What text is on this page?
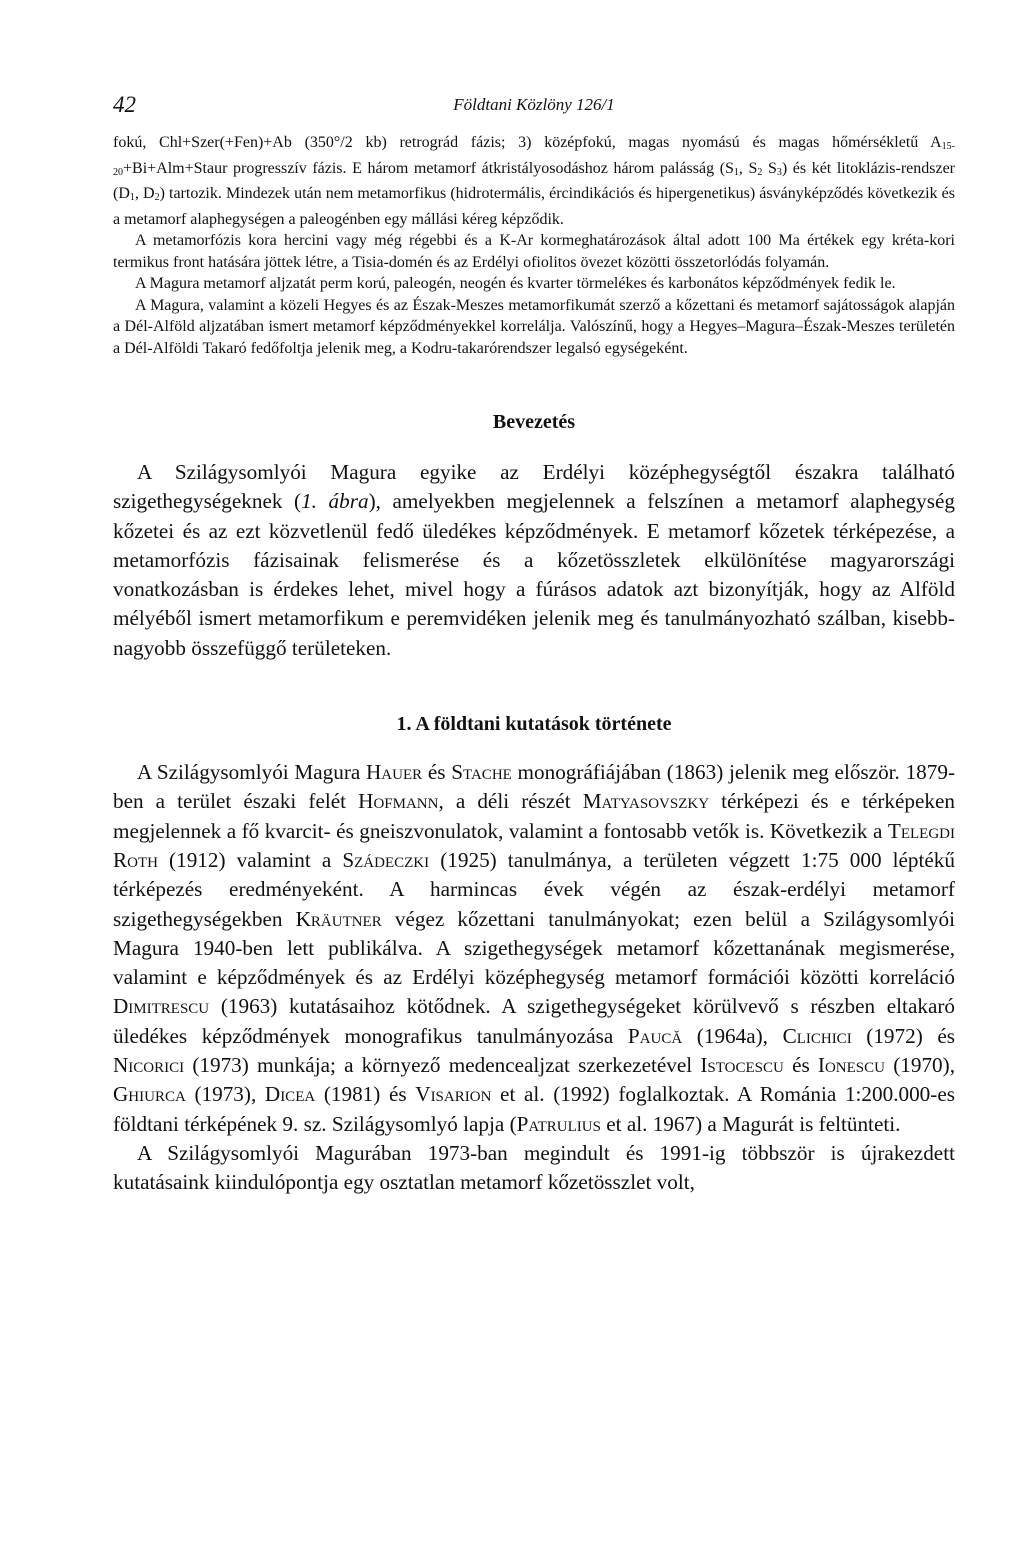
42	Földtani Közlöny 126/1

fokú, Chl+Szer(+Fen)+Ab (350°/2 kb) retrográd fázis; 3) középfokú, magas nyomású és magas hőmérsékletű $A_{15-20}+Bi+Alm+Staur$ progresszív fázis. E három metamorf átkristályosodáshoz három palásság ($S_1$, $S_2$ $S_3$) és két litoklázis-rendszer ($D_1$, $D_2$) tartozik. Mindezek után nem metamorfikus (hidrotermális, ércindikációs és hipergenetikus) ásványképződés következik és a metamorf alaphegységen a paleogénben egy mállási kéreg képződik.

A metamorfózis kora hercini vagy még régebbi és a K-Ar kormeghatározások által adott 100 Ma értékek egy kréta-kori termikus front hatására jöttek létre, a Tisia-domén és az Erdélyi ofiolitos övezet közötti összetorlódás folyamán.

A Magura metamorf aljzatát perm korú, paleogén, neogén és kvarter törmelékes és karbonátos képződmények fedik le.

A Magura, valamint a közeli Hegyes és az Észak-Meszes metamorfikumát szerző a kőzettani és metamorf sajátosságok alapján a Dél-Alföld aljzatában ismert metamorf képződményekkel korrelálja. Valószínű, hogy a Hegyes–Magura–Észak-Meszes területén a Dél-Alföldi Takaró fedőfoltja jelenik meg, a Kodru-takarórendszer legalsó egységeként.

Bevezetés

A Szilágysomlyói Magura egyike az Erdélyi középhegységtől északra található szigethegységeknek (1. ábra), amelyekben megjelennek a felszínen a metamorf alaphegység kőzetei és az ezt közvetlenül fedő üledékes képződmények. E metamorf kőzetek térképezése, a metamorfózis fázisainak felismerése és a kőzetösszletek elkülönítése magyarországi vonatkozásban is érdekes lehet, mivel hogy a fúrásos adatok azt bizonyítják, hogy az Alföld mélyéből ismert metamorfikum e peremvidéken jelenik meg és tanulmányozható szálban, kisebb-nagyobb összefüggő területeken.

1. A földtani kutatások története

A Szilágysomlyói Magura Hauer és Stache monográfiájában (1863) jelenik meg először. 1879-ben a terület északi felét Hofmann, a déli részét Matyasovszky térképezi és e térképeken megjelennek a fő kvarcit- és gneiszvonulatok, valamint a fontosabb vetők is. Következik a Telegdi Roth (1912) valamint a Szádeczki (1925) tanulmánya, a területen végzett 1:75 000 léptékű térképezés eredményeként. A harmincas évek végén az észak-erdélyi metamorf szigethegységekben Kräutner végez kőzettani tanulmányokat; ezen belül a Szilágysomlyói Magura 1940-ben lett publikálva. A szigethegységek metamorf kőzettanának megismerése, valamint e képződmények és az Erdélyi középhegység metamorf formációi közötti korreláció Dimitrescu (1963) kutatásaihoz kötődnek. A szigethegységeket körülvevő s részben eltakaró üledékes képződmények monografikus tanulmányozása Paucă (1964a), Clichici (1972) és Nicorici (1973) munkája; a környező medencealjzat szerkezetével Istocescu és Ionescu (1970), Ghiurca (1973), Dicea (1981) és Visarion et al. (1992) foglalkoztak. A Románia 1:200.000-es földtani térképének 9. sz. Szilágysomlyó lapja (Patrulius et al. 1967) a Magurát is feltünteti.

A Szilágysomlyói Magurában 1973-ban megindult és 1991-ig többször is újrakezdett kutatásaink kiindulópontja egy osztatlan metamorf kőzetösszlet volt,
